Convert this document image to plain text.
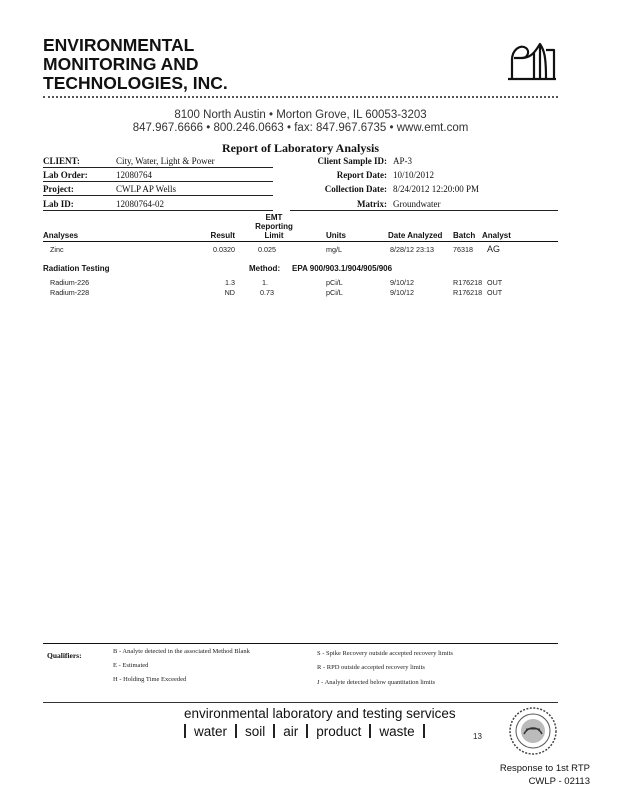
ENVIRONMENTAL
MONITORING AND
TECHNOLOGIES, INC.
8100 North Austin • Morton Grove, IL 60053-3203
847.967.6666 • 800.246.0663 • fax: 847.967.6735 • www.emt.com
Report of Laboratory Analysis
CLIENT:	City, Water, Light & Power
Lab Order:	12080764
Project:	CWLP AP Wells
Lab ID:	12080764-02
Client Sample ID: AP-3
Report Date: 10/10/2012
Collection Date: 8/24/2012 12:20:00 PM
Matrix: Groundwater
Analyses	Result
EMT
Reporting
Limit	Units	Date Analyzed Batch Analyst
Zinc	0.0320	0.025	mg/L	8/28/12 23:13	76318 AG
Radiation Testing	Method: EPA 900/903.1/904/905/906
Radium-226	1.3	1.	pCi/L	9/10/12	R176218 OUT
Radium-228	ND	0.73	pCi/L	9/10/12	R176218 OUT
Qualifiers:	B - Analyte detected in the associated Method Blank
E - Estimated
H - Holding Time Exceeded
S - Spike Recovery outside accepted recovery limits
R - RPD outside accepted recovery limits
J - Analyte detected below quantitation limits
environmental laboratory and testing services
water soil air product waste	13
Response to 1st RTP
CWLP - 02113
